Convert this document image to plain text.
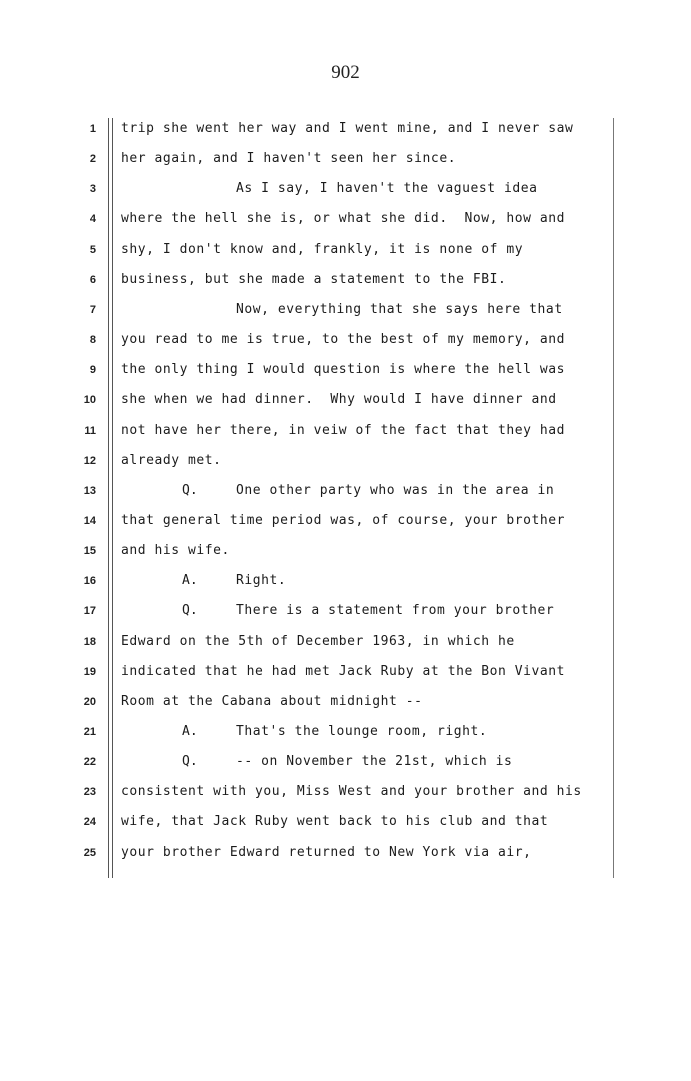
902
1 trip she went her way and I went mine, and I never saw
2 her again, and I haven't seen her since.
3	As I say, I haven't the vaguest idea
4 where the hell she is, or what she did.  Now, how and
5 shy, I don't know and, frankly, it is none of my
6 business, but she made a statement to the FBI.
7	Now, everything that she says here that
8 you read to me is true, to the best of my memory, and
9 the only thing I would question is where the hell was
10 she when we had dinner.  Why would I have dinner and
11 not have her there, in veiw of the fact that they had
12 already met.
13	Q.	One other party who was in the area in
14 that general time period was, of course, your brother
15 and his wife.
16	A.	Right.
17	Q.	There is a statement from your brother
18 Edward on the 5th of December 1963, in which he
19 indicated that he had met Jack Ruby at the Bon Vivant
20 Room at the Cabana about midnight --
21	A.	That's the lounge room, right.
22	Q.	-- on November the 21st, which is
23 consistent with you, Miss West and your brother and his
24 wife, that Jack Ruby went back to his club and that
25 your brother Edward returned to New York via air,
